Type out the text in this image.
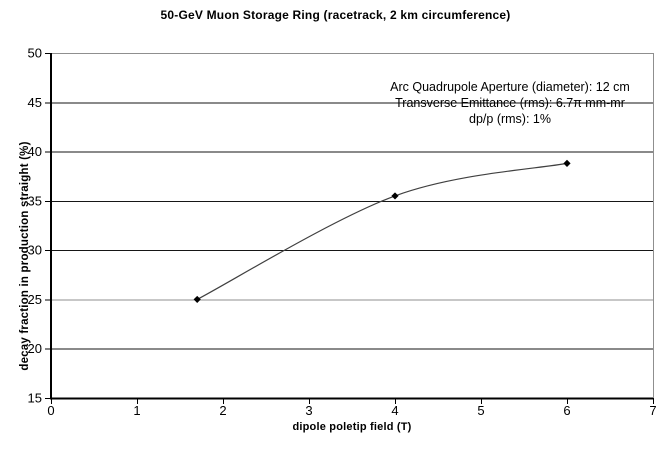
50-GeV Muon Storage Ring (racetrack, 2 km circumference)
decay fraction in production straight (%)
15
20
25
30
35
40
45
50
0	1	2	3	4	5	6	7
Arc Quadrupole Aperture (diameter): 12 cm
Transverse Emittance (rms): 6.7π mm-mr
dp/p (rms): 1%
dipole poletip field (T)
